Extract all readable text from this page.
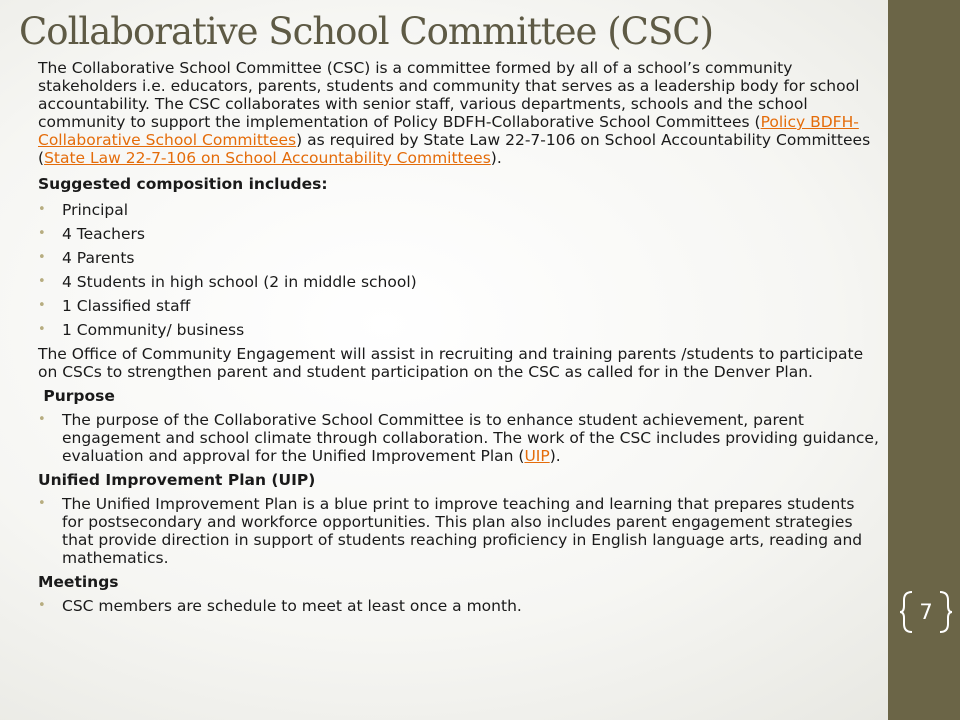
7
Collaborative School Committee (CSC)

The Collaborative School Committee (CSC) is a committee formed by all of a school’s community stakeholders i.e. educators, parents, students and community that serves as a leadership body for school accountability. The CSC collaborates with senior staff, various departments, schools and the school community to support the implementation of Policy BDFH-Collaborative School Committees (Policy BDFH-Collaborative School Committees) as required by State Law 22-7-106 on School Accountability Committees (State Law 22-7-106 on School Accountability Committees).

Suggested composition includes:

• Principal

• 4 Teachers

• 4 Parents

• 4 Students in high school (2 in middle school)

• 1 Classified staff

• 1 Community/ business

The Office of Community Engagement will assist in recruiting and training parents /students to participate on CSCs to strengthen parent and student participation on the CSC as called for in the Denver Plan.

Purpose

• The purpose of the Collaborative School Committee is to enhance student achievement, parent engagement and school climate through collaboration. The work of the CSC includes providing guidance, evaluation and approval for the Unified Improvement Plan (UIP).

Unified Improvement Plan (UIP)

• The Unified Improvement Plan is a blue print to improve teaching and learning that prepares students for postsecondary and workforce opportunities. This plan also includes parent engagement strategies that provide direction in support of students reaching proficiency in English language arts, reading and mathematics.

Meetings

• CSC members are schedule to meet at least once a month.
